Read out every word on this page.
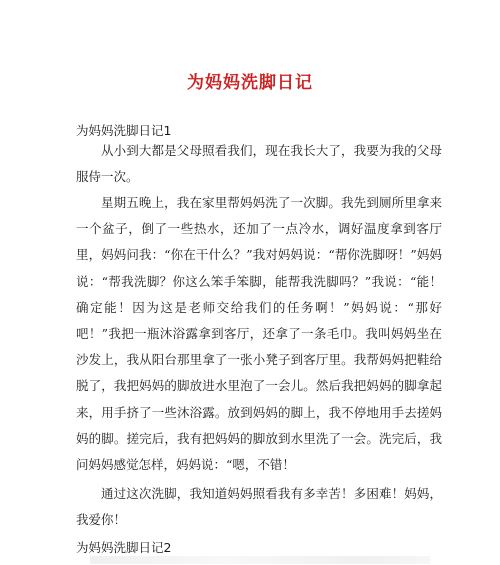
为妈妈洗脚日记
为妈妈洗脚日记1

从小到大都是父母照看我们，现在我长大了，我要为我的父母服侍一次。

星期五晚上，我在家里帮妈妈洗了一次脚。我先到厕所里拿来一个盆子，倒了一些热水，还加了一点冷水，调好温度拿到客厅里，妈妈问我：“你在干什么？”我对妈妈说：“帮你洗脚呀！”妈妈说：“帮我洗脚？你这么笨手笨脚，能帮我洗脚吗？”我说：“能！确定能！因为这是老师交给我们的任务啊！”妈妈说：“那好吧！”我把一瓶沐浴露拿到客厅，还拿了一条毛巾。我叫妈妈坐在沙发上，我从阳台那里拿了一张小凳子到客厅里。我帮妈妈把鞋给脱了，我把妈妈的脚放进水里泡了一会儿。然后我把妈妈的脚拿起来，用手挤了一些沐浴露。放到妈妈的脚上，我不停地用手去搓妈妈的脚。搓完后，我有把妈妈的脚放到水里洗了一会。洗完后，我问妈妈感觉怎样，妈妈说：“嗯，不错！

通过这次洗脚，我知道妈妈照看我有多幸苦！多困难！妈妈，我爱你！

为妈妈洗脚日记2
